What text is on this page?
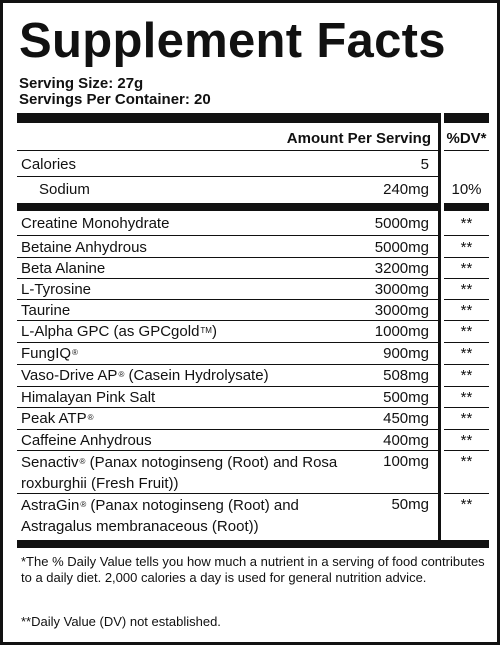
Supplement Facts
Serving Size: 27g
Servings Per Container: 20
Amount Per Serving %DV*
Calories	5
Sodium	240mg	10%
Creatine Monohydrate	5000mg	**
Betaine Anhydrous	5000mg	**
Beta Alanine	3200mg	**
L-Tyrosine	3000mg	**
Taurine	3000mg	**
L-Alpha GPC (as GPCgold™)	1000mg	**
FungIQ®	900mg	**
Vaso-Drive AP® (Casein Hydrolysate)	508mg	**
Himalayan Pink Salt	500mg	**
Peak ATP®	450mg	**
Caffeine Anhydrous	400mg	**
Senactiv® (Panax notoginseng (Root) and Rosa roxburghii (Fresh Fruit))
100mg	**
AstraGin® (Panax notoginseng (Root) and Astragalus membranaceous (Root))
50mg	**
*The % Daily Value tells you how much a nutrient in a serving of food contributes to a daily diet. 2,000 calories a day is used for general nutrition advice.
**Daily Value (DV) not established.
